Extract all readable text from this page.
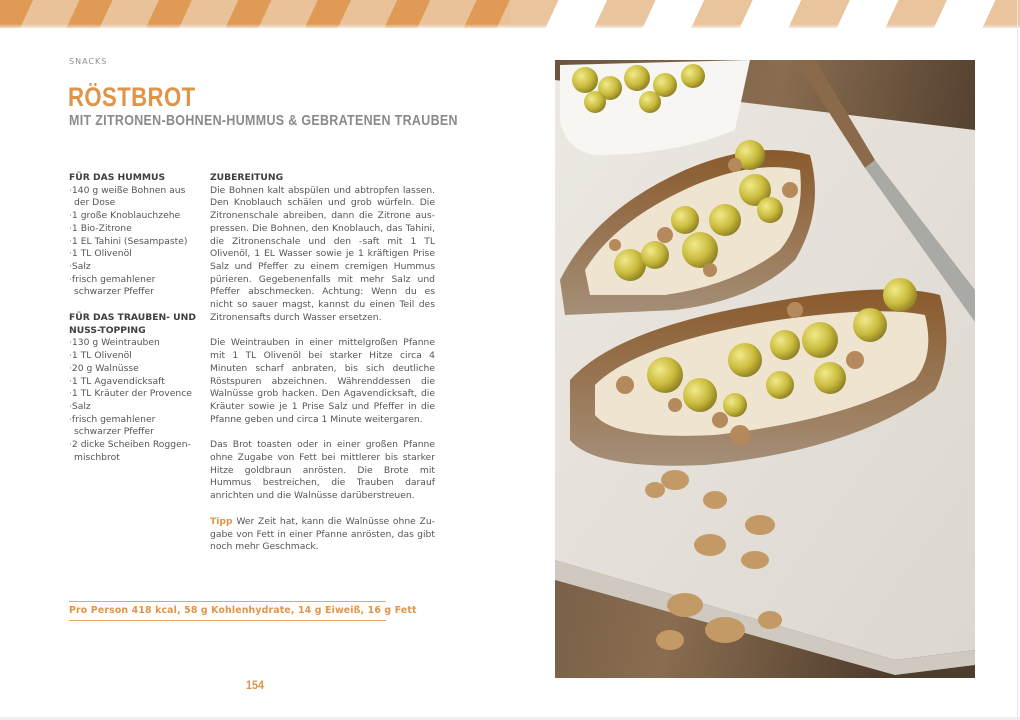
SNACKS
RÖSTBROT
MIT ZITRONEN-BOHNEN-HUMMUS & GEBRATENEN TRAUBEN
FÜR DAS HUMMUS
· 140 g weiße Bohnen aus der Dose
· 1 große Knoblauchzehe
· 1 Bio-Zitrone
· 1 EL Tahini (Sesampaste)
· 1 TL Olivenöl
· Salz
· frisch gemahlener schwarzer Pfeffer
FÜR DAS TRAUBEN- UND NUSS-TOPPING
· 130 g Weintrauben
· 1 TL Olivenöl
· 20 g Walnüsse
· 1 TL Agavendicksaft
· 1 TL Kräuter der Provence
· Salz
· frisch gemahlener schwarzer Pfeffer
· 2 dicke Scheiben Roggen-mischbrot
ZUBEREITUNG

Die Bohnen kalt abspülen und abtropfen lassen. Den Knoblauch schälen und grob würfeln. Die Zitronenschale abreiben, dann die Zitrone auspressen. Die Bohnen, den Knoblauch, das Tahini, die Zitronenschale und den -saft mit 1 TL Olivenöl, 1 EL Wasser sowie je 1 kräftigen Prise Salz und Pfeffer zu einem cremigen Hummus pürieren. Gegebenenfalls mit mehr Salz und Pfeffer abschmecken. Achtung: Wenn du es nicht so sauer magst, kannst du einen Teil des Zitronensafts durch Wasser ersetzen.

Die Weintrauben in einer mittelgroßen Pfanne mit 1 TL Olivenöl bei starker Hitze circa 4 Minuten scharf anbraten, bis sich deutliche Röstspuren abzeichnen. Währenddessen die Walnüsse grob hacken. Den Agavendicksaft, die Kräuter sowie je 1 Prise Salz und Pfeffer in die Pfanne geben und circa 1 Minute weitergaren.

Das Brot toasten oder in einer großen Pfanne ohne Zugabe von Fett bei mittlerer bis starker Hitze goldbraun anrösten. Die Brote mit Hummus bestreichen, die Trauben darauf anrichten und die Walnüsse darüberstreuen.

Tipp Wer Zeit hat, kann die Walnüsse ohne Zugabe von Fett in einer Pfanne anrösten, das gibt noch mehr Geschmack.

Pro Person 418 kcal, 58 g Kohlenhydrate, 14 g Eiweiß, 16 g Fett
154
